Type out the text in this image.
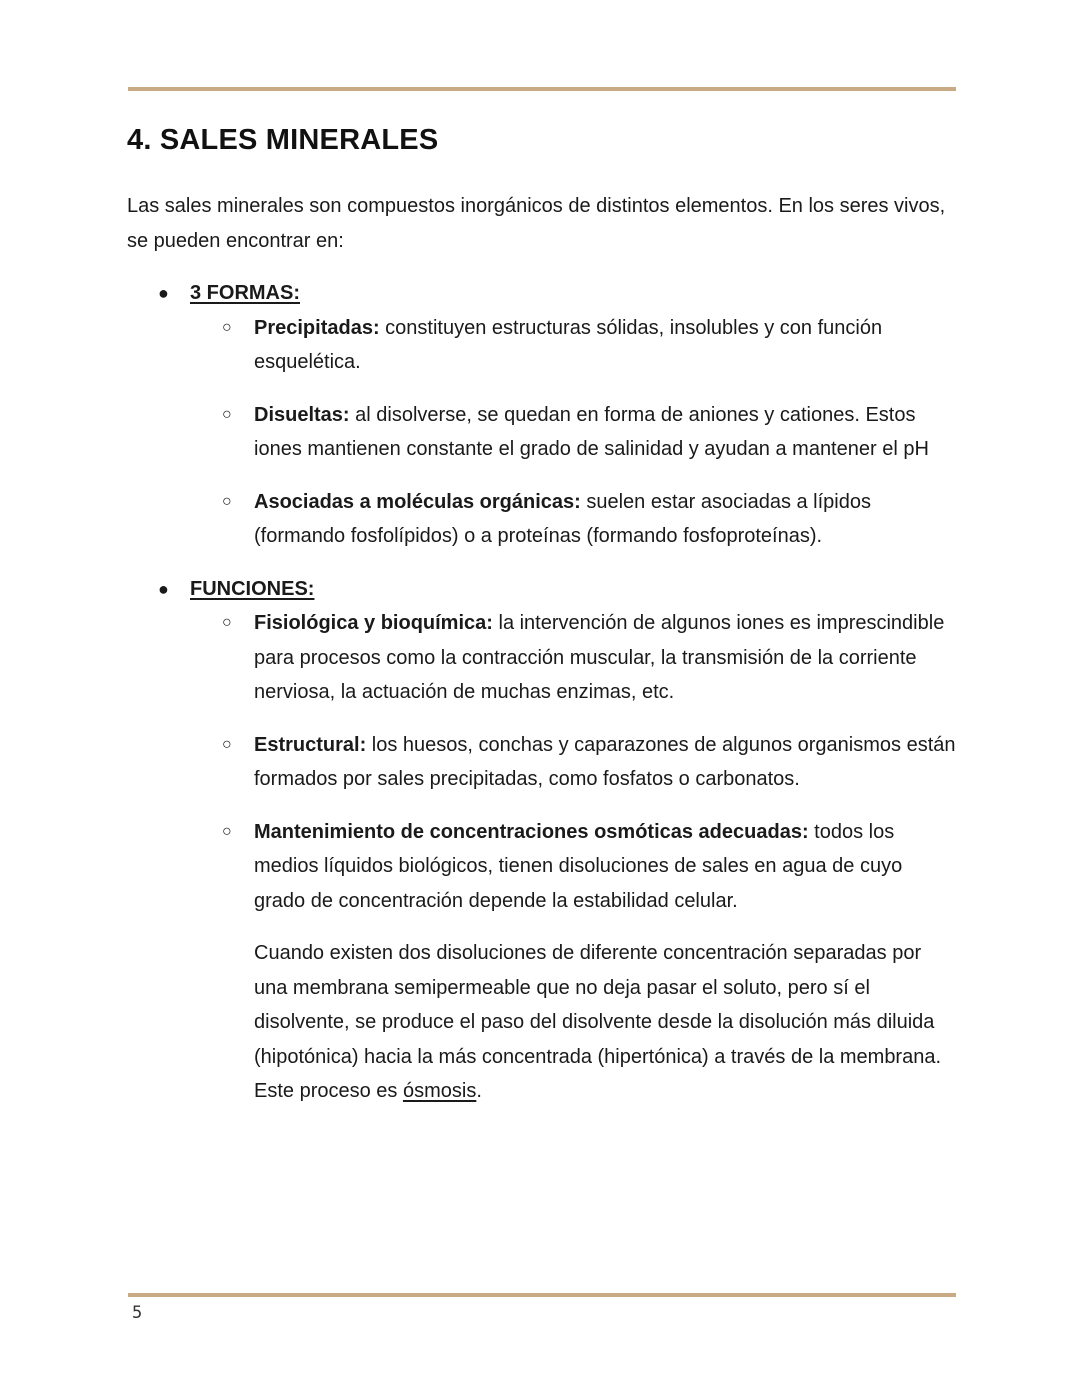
4. SALES MINERALES

Las sales minerales son compuestos inorgánicos de distintos elementos. En los seres vivos, se pueden encontrar en:

● 3 FORMAS:
○ Precipitadas: constituyen estructuras sólidas, insolubles y con función esquelética.
○ Disueltas: al disolverse, se quedan en forma de aniones y cationes. Estos iones mantienen constante el grado de salinidad y ayudan a mantener el pH
○ Asociadas a moléculas orgánicas: suelen estar asociadas a lípidos (formando fosfolípidos) o a proteínas (formando fosfoproteínas).
● FUNCIONES:
○ Fisiológica y bioquímica: la intervención de algunos iones es imprescindible para procesos como la contracción muscular, la transmisión de la corriente nerviosa, la actuación de muchas enzimas, etc.
○ Estructural: los huesos, conchas y caparazones de algunos organismos están formados por sales precipitadas, como fosfatos o carbonatos.
○ Mantenimiento de concentraciones osmóticas adecuadas: todos los medios líquidos biológicos, tienen disoluciones de sales en agua de cuyo grado de concentración depende la estabilidad celular.

Cuando existen dos disoluciones de diferente concentración separadas por una membrana semipermeable que no deja pasar el soluto, pero sí el disolvente, se produce el paso del disolvente desde la disolución más diluida (hipotónica) hacia la más concentrada (hipertónica) a través de la membrana. Este proceso es ósmosis.

5
